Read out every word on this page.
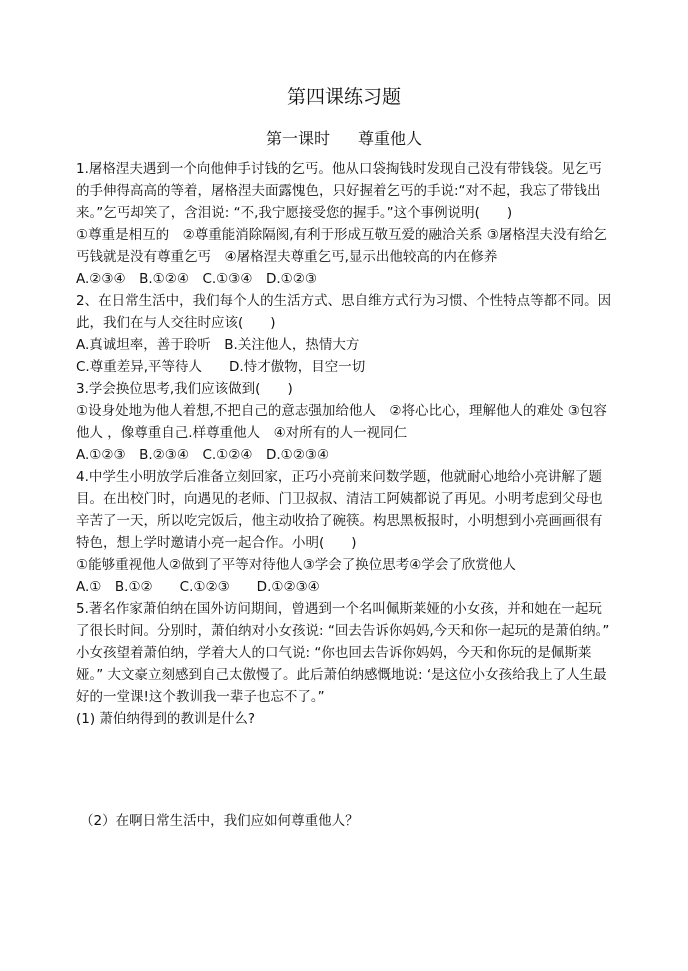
第四课练习题
第一课时 尊重他人

1.屠格涅夫遇到一个向他伸手讨钱的乞丐。他从口袋掏钱时发现自己没有带钱袋。见乞丐的手伸得高高的等着，屠格涅夫面露愧色，只好握着乞丐的手说:“对不起，我忘了带钱出来。”乞丐却笑了，含泪说: “不,我宁愿接受您的握手。”这个事例说明(　　)

①尊重是相互的　②尊重能消除隔阂,有利于形成互敬互爱的融洽关系 ③屠格涅夫没有给乞丐钱就是没有尊重乞丐　④屠格涅夫尊重乞丐,显示出他较高的内在修养

A.②③④　B.①②④　C.①③④　D.①②③

2、在日常生活中，我们每个人的生活方式、思自维方式行为习惯、个性特点等都不同。因此，我们在与人交往时应该(　　)

A.真诚坦率，善于聆听　B.关注他人，热情大方

C.尊重差异,平等待人　　D.恃才傲物，目空一切

3.学会换位思考,我们应该做到(　　)

①设身处地为他人着想,不把自己的意志强加给他人　②将心比心，理解他人的难处 ③包容他人 ，像尊重自己.样尊重他人　④对所有的人一视同仁

A.①②③　B.②③④　C.①②④　D.①②③④

4.中学生小明放学后准备立刻回家，正巧小亮前来问数学题，他就耐心地给小亮讲解了题目。在出校门时，向遇见的老师、门卫叔叔、清洁工阿姨都说了再见。小明考虑到父母也辛苦了一天，所以吃完饭后，他主动收拾了碗筷。构思黑板报时，小明想到小亮画画很有特色，想上学时邀请小亮一起合作。小明(　　)

①能够重视他人②做到了平等对待他人③学会了换位思考④学会了欣赏他人

A.①　B.①②　　C.①②③　　D.①②③④

5.著名作家萧伯纳在国外访问期间，曾遇到一个名叫佩斯莱娅的小女孩，并和她在一起玩了很长时间。分别时，萧伯纳对小女孩说: “回去告诉你妈妈,今天和你一起玩的是萧伯纳。” 小女孩望着萧伯纳，学着大人的口气说: “你也回去告诉你妈妈，今天和你玩的是佩斯莱娅。” 大文豪立刻感到自己太傲慢了。此后萧伯纳感慨地说: ‘是这位小女孩给我上了人生最好的一堂课!这个教训我一辈子也忘不了。”

(1) 萧伯纳得到的教训是什么?

（2）在啊日常生活中，我们应如何尊重他人？
